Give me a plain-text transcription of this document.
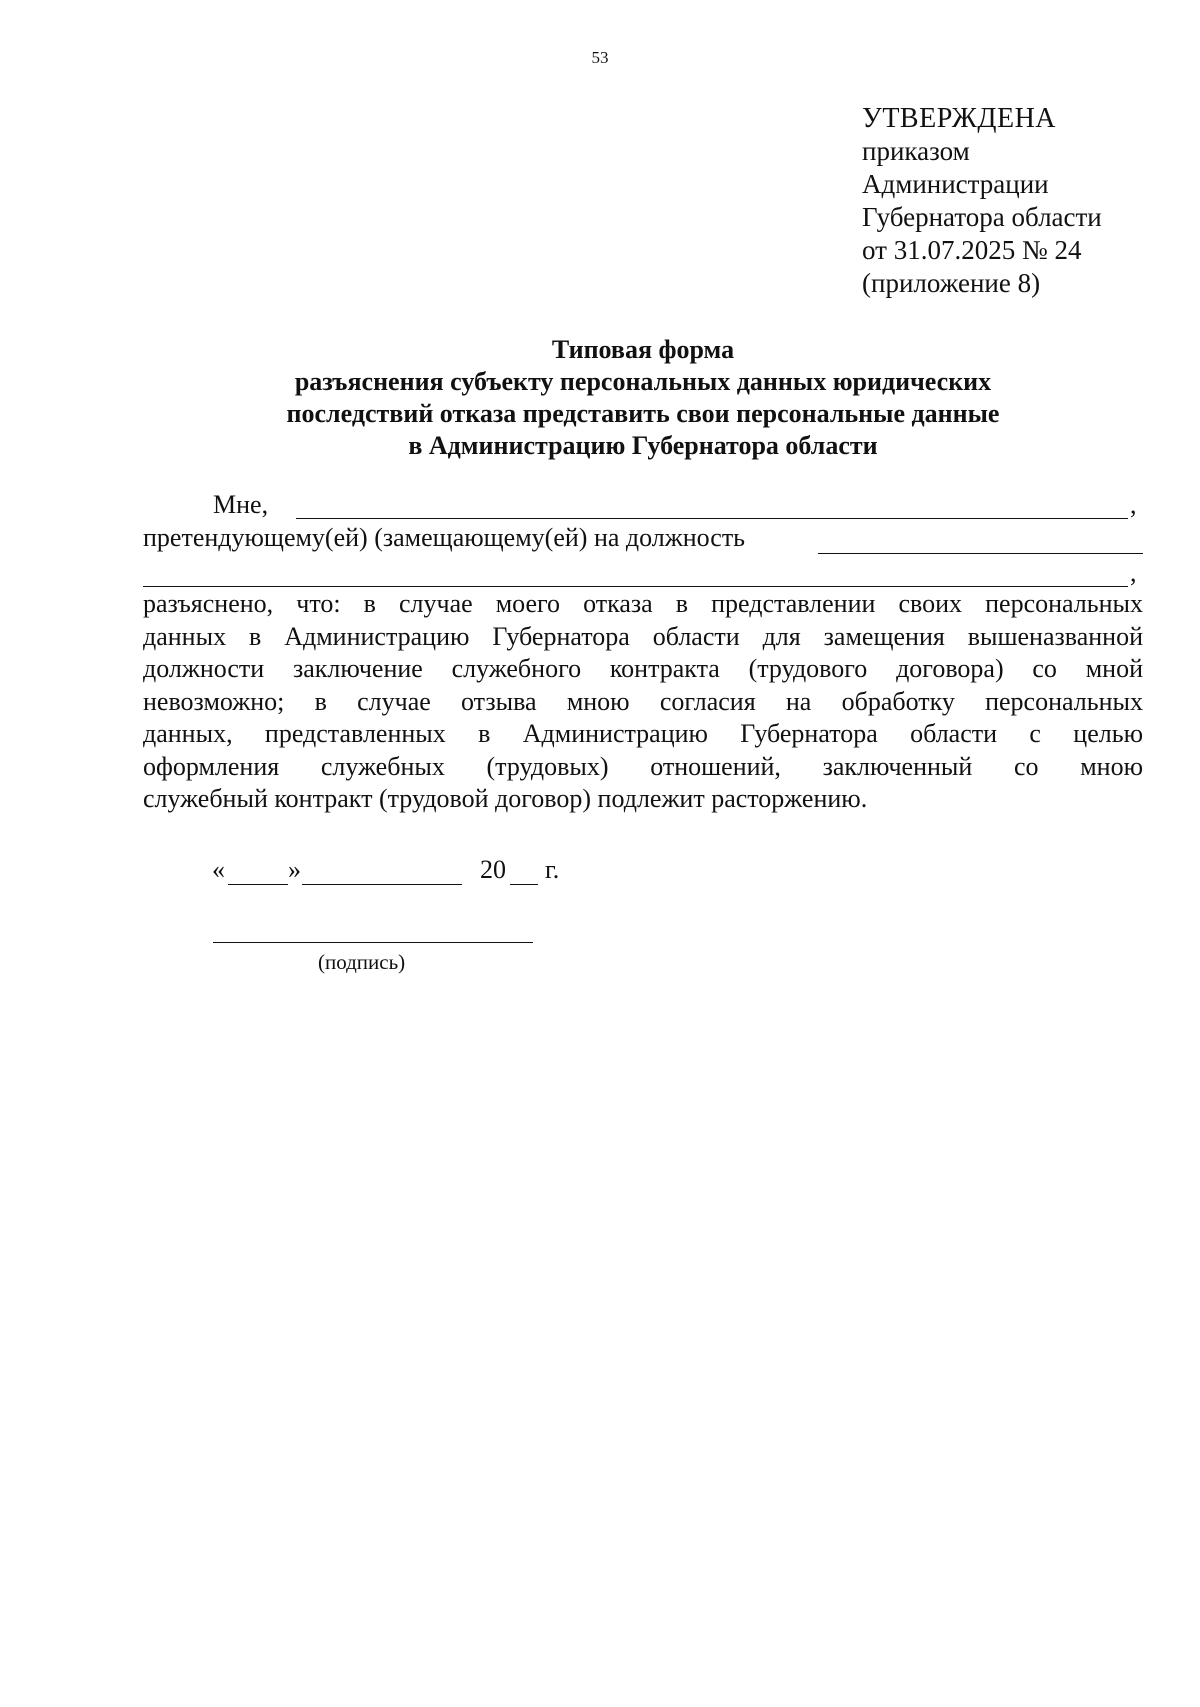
53
УТВЕРЖДЕНА
приказом
Администрации
Губернатора области
от 31.07.2025 № 24
(приложение 8)
Типовая форма
разъяснения субъекту персональных данных юридических
последствий отказа представить свои персональные данные
в Администрацию Губернатора области
Мне,	,
претендующему(ей) (замещающему(ей) на должность
,
разъяснено, что: в случае моего отказа в представлении своих персональных
данных в Администрацию Губернатора области для замещения вышеназванной
должности заключение служебного контракта (трудового договора) со мной
невозможно; в случае отзыва мною согласия на обработку персональных
данных, представленных в Администрацию Губернатора области с целью
оформления служебных (трудовых) отношений, заключенный со мною
служебный контракт (трудовой договор) подлежит расторжению.
« »	20 г.
(подпись)
